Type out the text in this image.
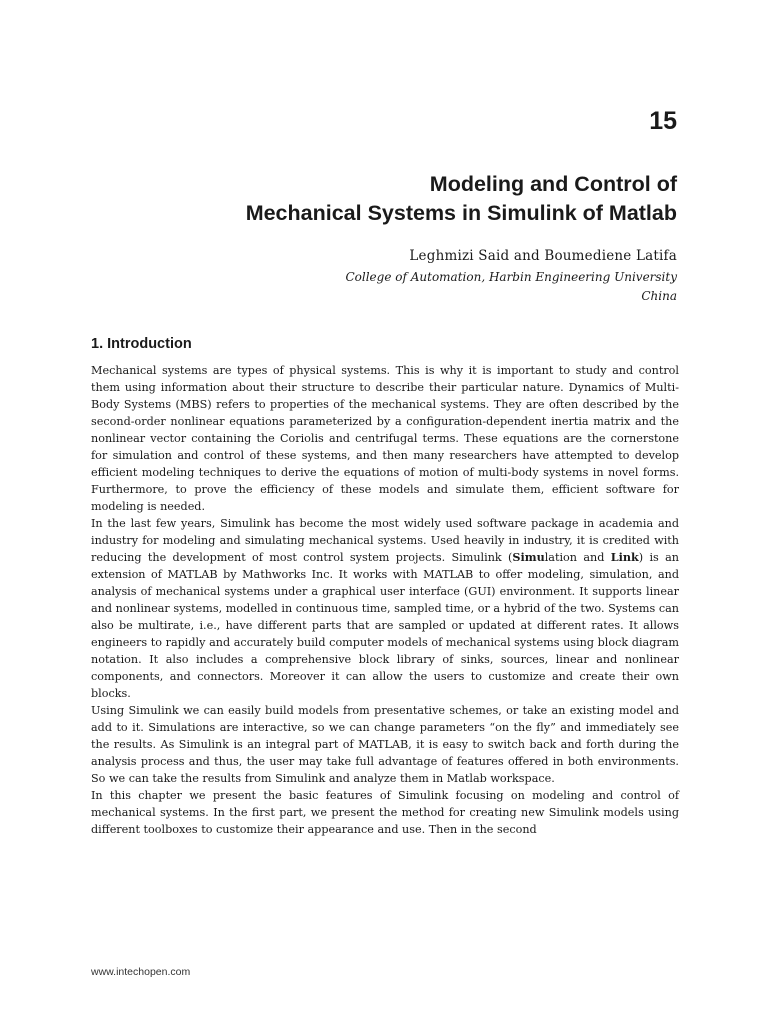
15
Modeling and Control of
Mechanical Systems in Simulink of Matlab
Leghmizi Said and Boumediene Latifa
College of Automation, Harbin Engineering University
China
1. Introduction

Mechanical systems are types of physical systems. This is why it is important to study and control them using information about their structure to describe their particular nature. Dynamics of Multi-Body Systems (MBS) refers to properties of the mechanical systems. They are often described by the second-order nonlinear equations parameterized by a configuration-dependent inertia matrix and the nonlinear vector containing the Coriolis and centrifugal terms. These equations are the cornerstone for simulation and control of these systems, and then many researchers have attempted to develop efficient modeling techniques to derive the equations of motion of multi-body systems in novel forms. Furthermore, to prove the efficiency of these models and simulate them, efficient software for modeling is needed.

In the last few years, Simulink has become the most widely used software package in academia and industry for modeling and simulating mechanical systems. Used heavily in industry, it is credited with reducing the development of most control system projects. Simulink (Simulation and Link) is an extension of MATLAB by Mathworks Inc. It works with MATLAB to offer modeling, simulation, and analysis of mechanical systems under a graphical user interface (GUI) environment. It supports linear and nonlinear systems, modelled in continuous time, sampled time, or a hybrid of the two. Systems can also be multirate, i.e., have different parts that are sampled or updated at different rates. It allows engineers to rapidly and accurately build computer models of mechanical systems using block diagram notation. It also includes a comprehensive block library of sinks, sources, linear and nonlinear components, and connectors. Moreover it can allow the users to customize and create their own blocks.

Using Simulink we can easily build models from presentative schemes, or take an existing model and add to it. Simulations are interactive, so we can change parameters “on the fly” and immediately see the results. As Simulink is an integral part of MATLAB, it is easy to switch back and forth during the analysis process and thus, the user may take full advantage of features offered in both environments. So we can take the results from Simulink and analyze them in Matlab workspace.

In this chapter we present the basic features of Simulink focusing on modeling and control of mechanical systems. In the first part, we present the method for creating new Simulink models using different toolboxes to customize their appearance and use. Then in the second

www.intechopen.com
